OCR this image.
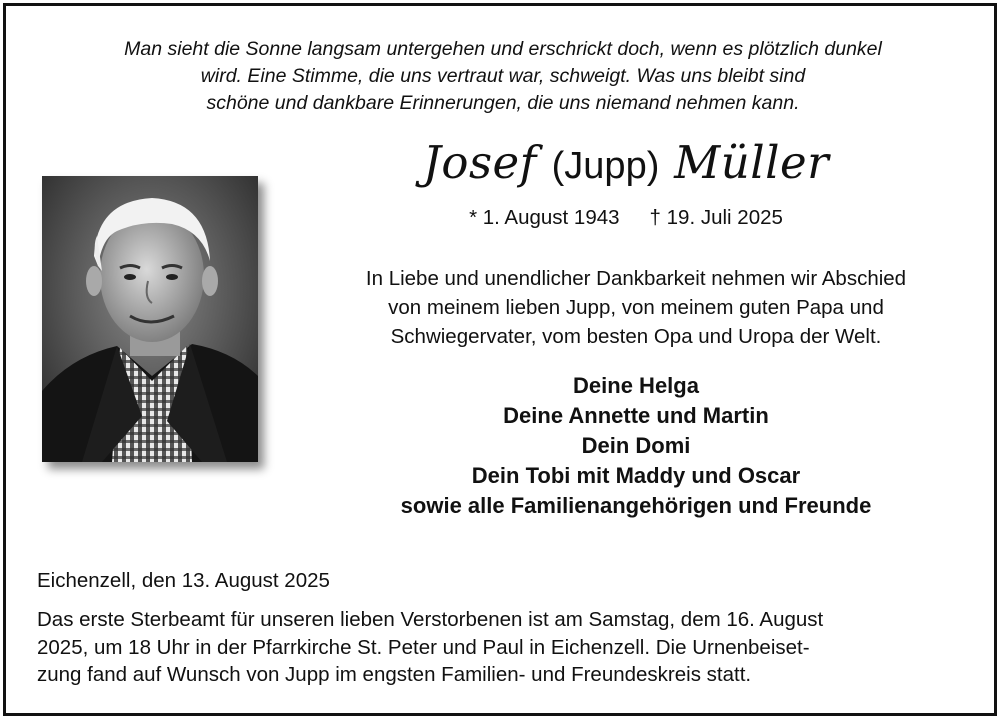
Man sieht die Sonne langsam untergehen und erschrickt doch, wenn es plötzlich dunkel
wird. Eine Stimme, die uns vertraut war, schweigt. Was uns bleibt sind
schöne und dankbare Erinnerungen, die uns niemand nehmen kann.
Josef (Jupp) Müller
* 1. August 1943 † 19. Juli 2025
In Liebe und unendlicher Dankbarkeit nehmen wir Abschied
von meinem lieben Jupp, von meinem guten Papa und
Schwiegervater, vom besten Opa und Uropa der Welt.
Deine Helga
Deine Annette und Martin
Dein Domi
Dein Tobi mit Maddy und Oscar
sowie alle Familienangehörigen und Freunde
Eichenzell, den 13. August 2025
Das erste Sterbeamt für unseren lieben Verstorbenen ist am Samstag, dem 16. August
2025, um 18 Uhr in der Pfarrkirche St. Peter und Paul in Eichenzell. Die Urnenbeiset-
zung fand auf Wunsch von Jupp im engsten Familien- und Freundeskreis statt.
